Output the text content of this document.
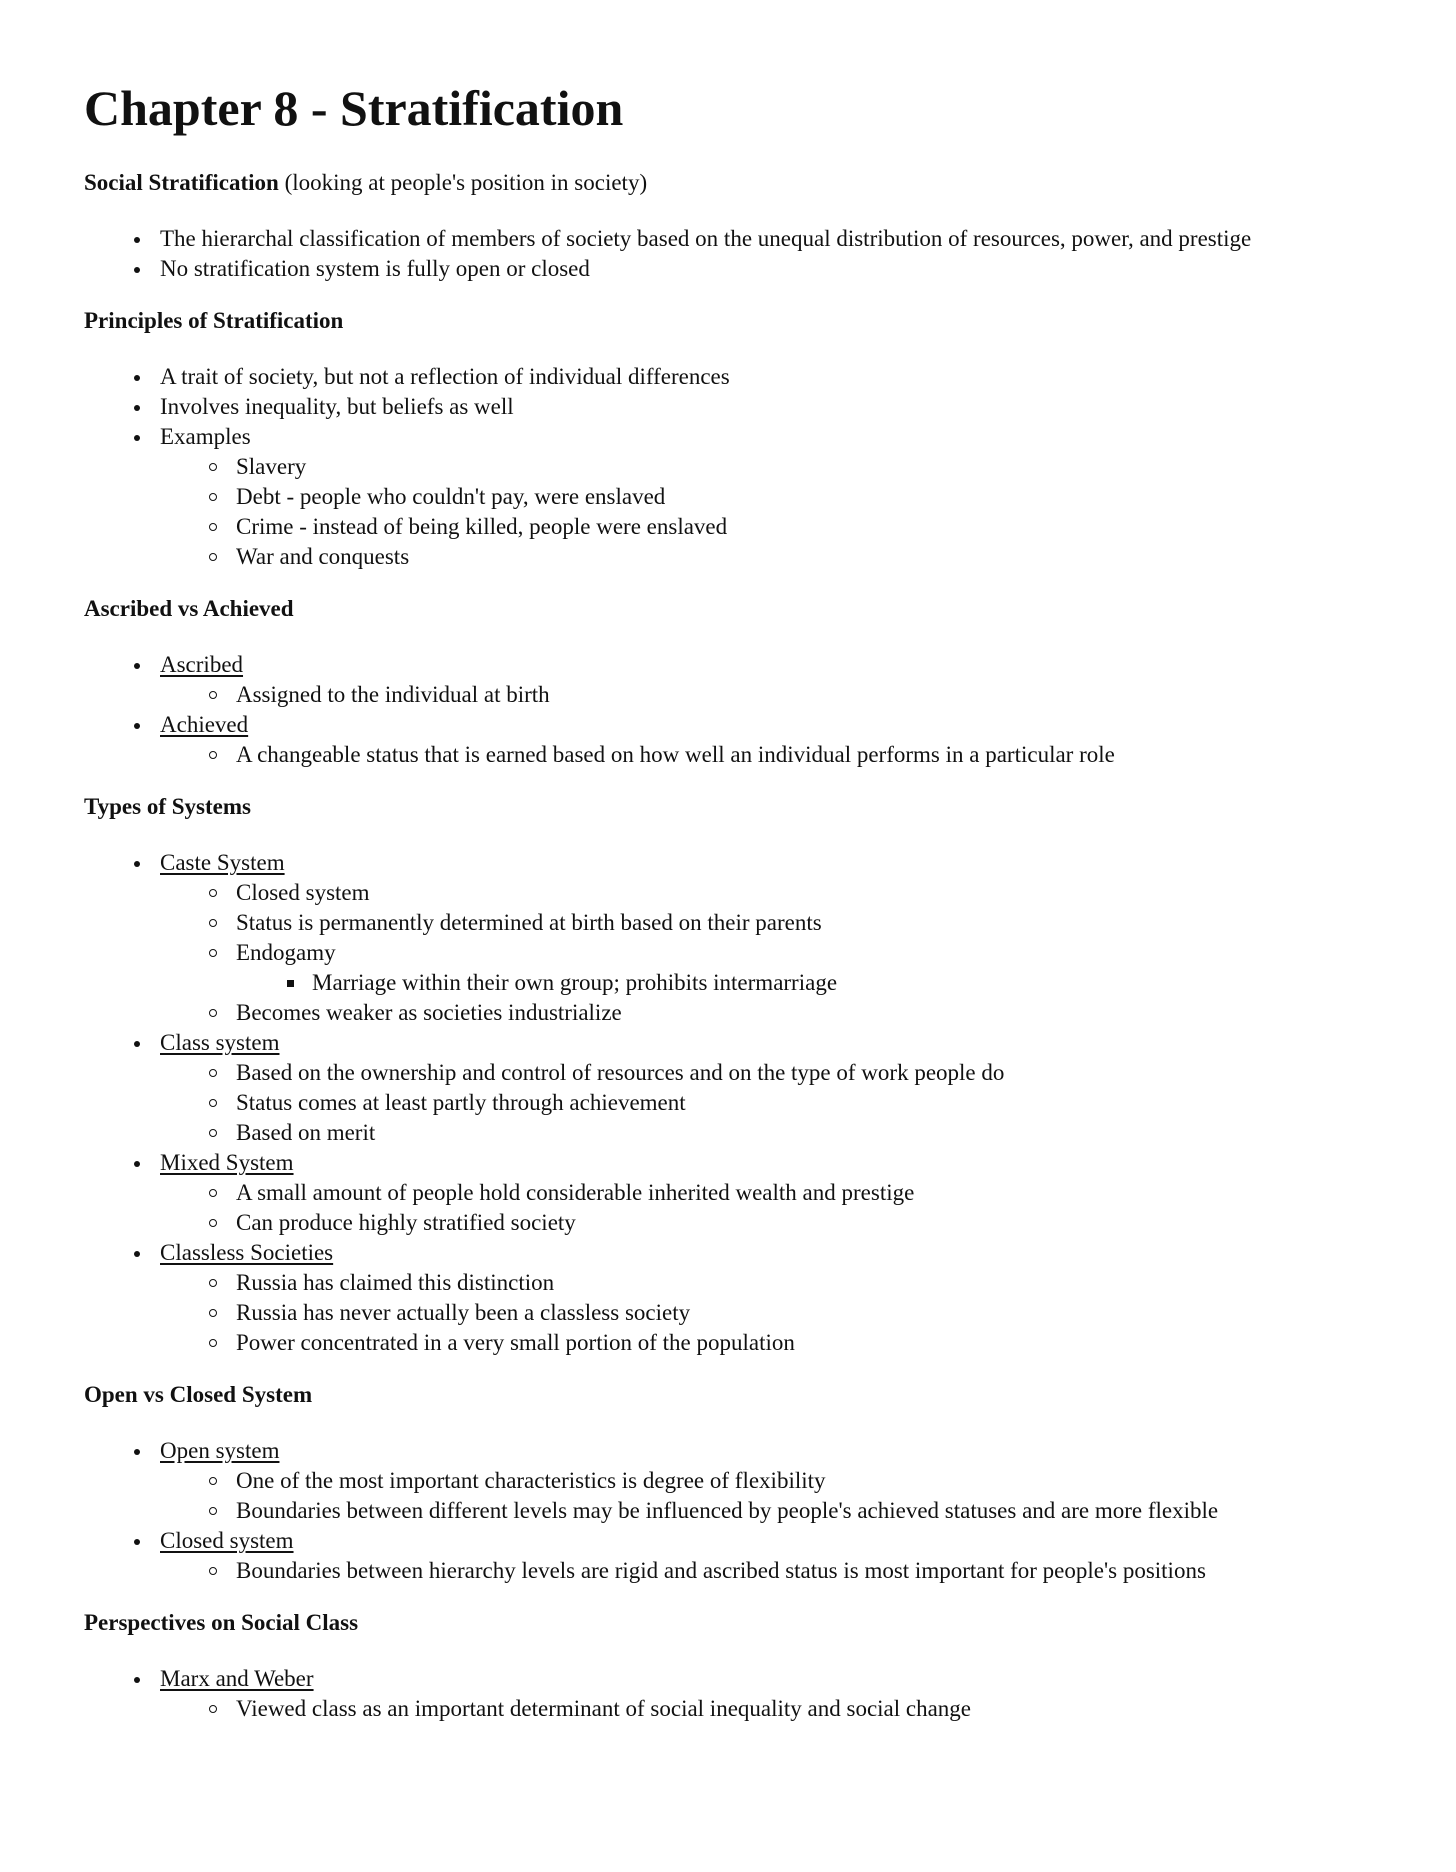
Chapter 8 - Stratification
Social Stratification (looking at people's position in society)
The hierarchal classification of members of society based on the unequal distribution of resources, power, and prestige
No stratification system is fully open or closed
Principles of Stratification
A trait of society, but not a reflection of individual differences
Involves inequality, but beliefs as well
Examples
Slavery
Debt - people who couldn't pay, were enslaved
Crime - instead of being killed, people were enslaved
War and conquests
Ascribed vs Achieved
Ascribed
Assigned to the individual at birth
Achieved
A changeable status that is earned based on how well an individual performs in a particular role
Types of Systems
Caste System
Closed system
Status is permanently determined at birth based on their parents
Endogamy
Marriage within their own group; prohibits intermarriage
Becomes weaker as societies industrialize
Class system
Based on the ownership and control of resources and on the type of work people do
Status comes at least partly through achievement
Based on merit
Mixed System
A small amount of people hold considerable inherited wealth and prestige
Can produce highly stratified society
Classless Societies
Russia has claimed this distinction
Russia has never actually been a classless society
Power concentrated in a very small portion of the population
Open vs Closed System
Open system
One of the most important characteristics is degree of flexibility
Boundaries between different levels may be influenced by people's achieved statuses and are more flexible
Closed system
Boundaries between hierarchy levels are rigid and ascribed status is most important for people's positions
Perspectives on Social Class
Marx and Weber
Viewed class as an important determinant of social inequality and social change
